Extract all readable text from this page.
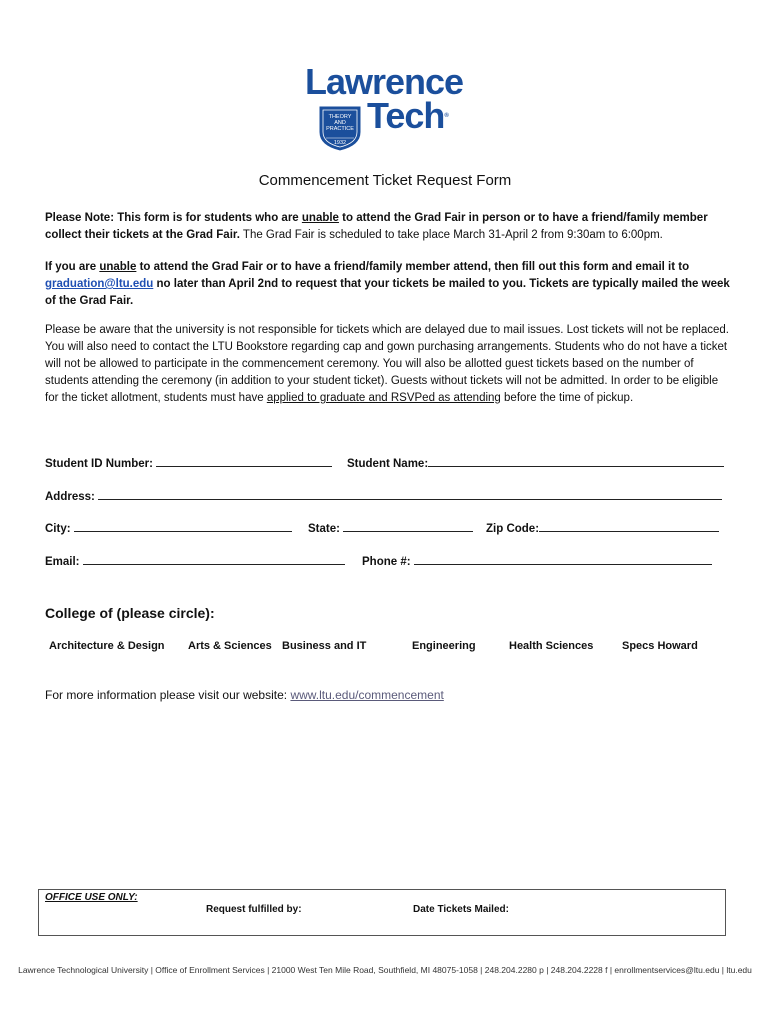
Lawrence
Tech®
THEORY
AND
PRACTICE
1932
Commencement Ticket Request Form
Please Note: This form is for students who are unable to attend the Grad Fair in person or to have a friend/family member collect their tickets at the Grad Fair. The Grad Fair is scheduled to take place March 31-April 2 from 9:30am to 6:00pm.
If you are unable to attend the Grad Fair or to have a friend/family member attend, then fill out this form and email it to graduation@ltu.edu no later than April 2nd to request that your tickets be mailed to you. Tickets are typically mailed the week of the Grad Fair.
Please be aware that the university is not responsible for tickets which are delayed due to mail issues. Lost tickets will not be replaced. You will also need to contact the LTU Bookstore regarding cap and gown purchasing arrangements. Students who do not have a ticket will not be allowed to participate in the commencement ceremony. You will also be allotted guest tickets based on the number of students attending the ceremony (in addition to your student ticket). Guests without tickets will not be admitted. In order to be eligible for the ticket allotment, students must have applied to graduate and RSVPed as attending before the time of pickup.
Student ID Number:	Student Name:
Address:
City:	State:	Zip Code:
Email:	Phone #:
College of (please circle):
Architecture & Design Arts & Sciences Business and IT	Engineering	Health Sciences	Specs Howard
For more information please visit our website: www.ltu.edu/commencement
OFFICE USE ONLY:
Request fulfilled by:	Date Tickets Mailed:
Lawrence Technological University | Office of Enrollment Services | 21000 West Ten Mile Road, Southfield, MI 48075-1058 | 248.204.2280 p | 248.204.2228 f | enrollmentservices@ltu.edu | ltu.edu
